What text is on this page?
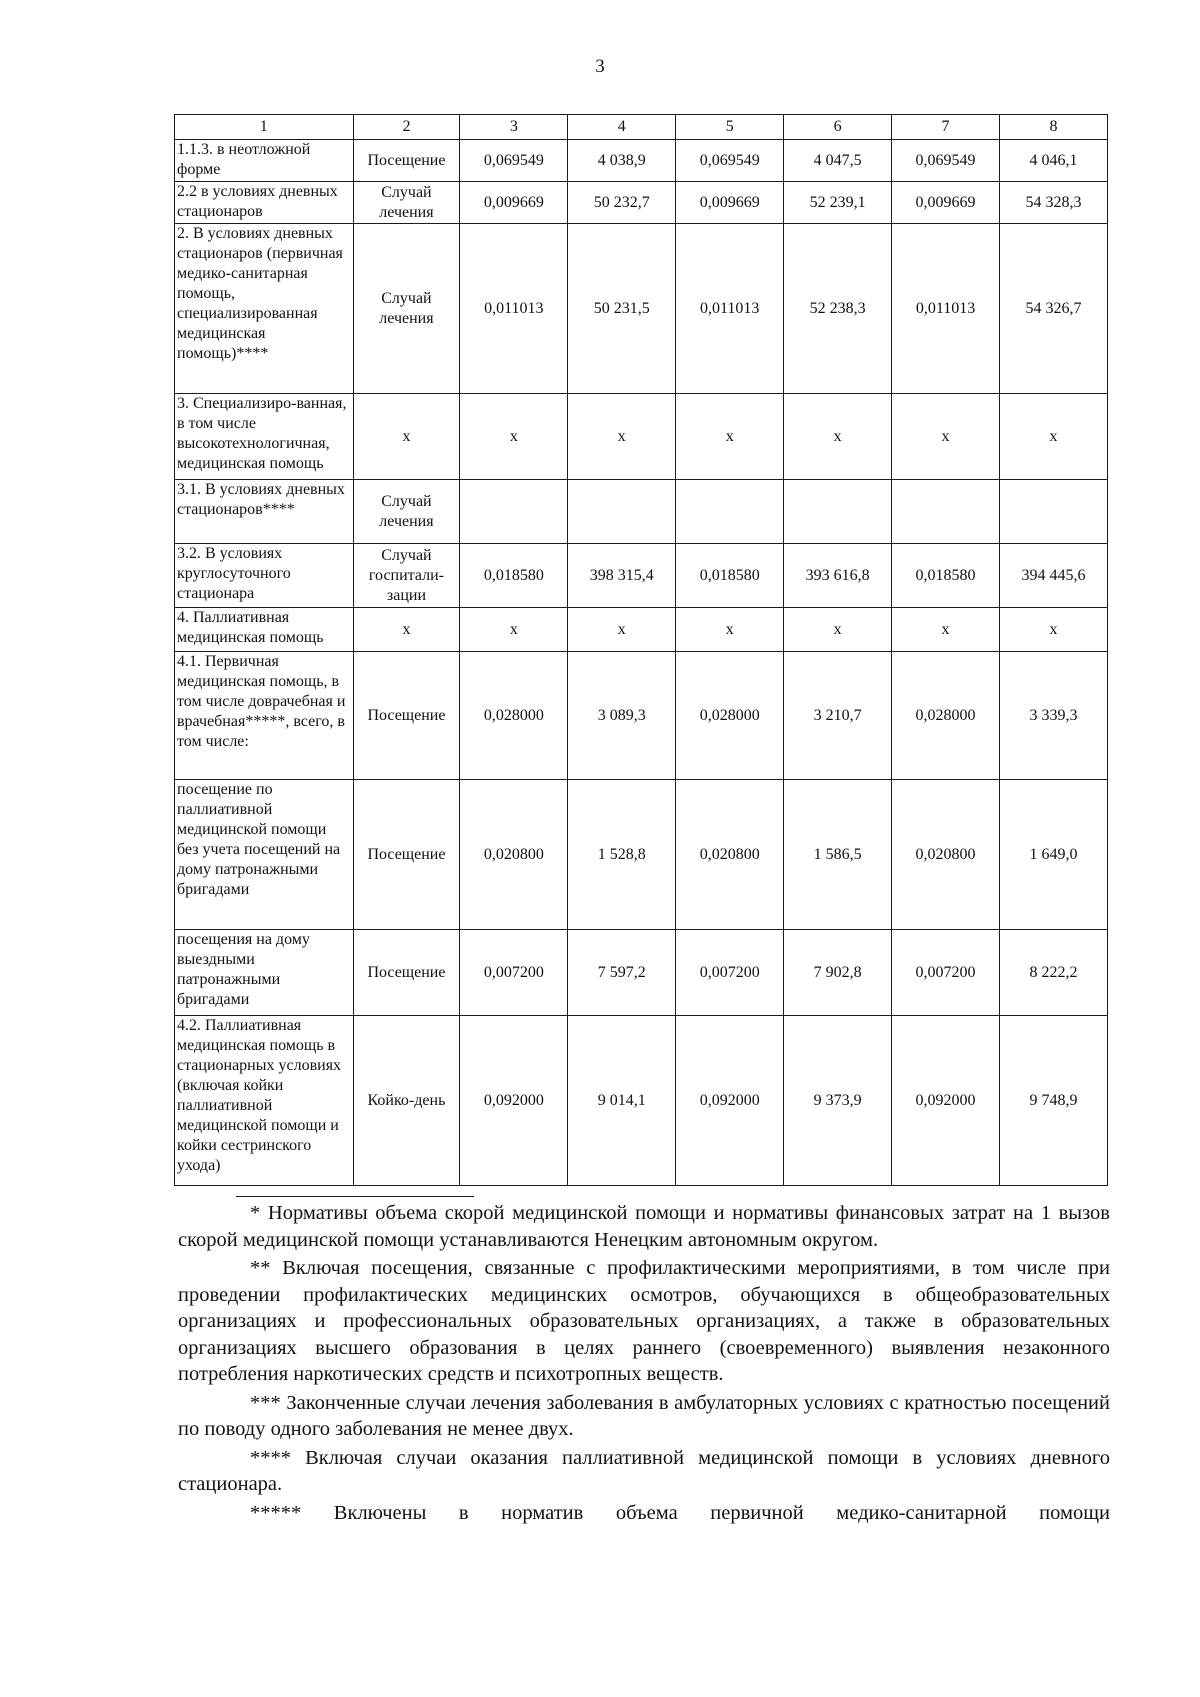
3
1	2	3	4	5	6	7	8
1.1.3. в неотложной форме	Посещение	0,069549	4 038,9	0,069549	4 047,5	0,069549	4 046,1
2.2 в условиях дневных стационаров	Случай лечения	0,009669	50 232,7	0,009669	52 239,1	0,009669	54 328,3
2. В условиях дневных стационаров (первичная медико-санитарная помощь, специализированная медицинская помощь)****	Случай лечения	0,011013	50 231,5	0,011013	52 238,3	0,011013	54 326,7
3. Специализиро-ванная, в том числе высокотехнологичная, медицинская помощь	х	х	х	х	х	х	х
3.1. В условиях дневных стационаров****	Случай лечения						
3.2. В условиях круглосуточного стационара	Случай госпитали-зации	0,018580	398 315,4	0,018580	393 616,8	0,018580	394 445,6
4. Паллиативная медицинская помощь	х	х	х	х	х	х	х
4.1. Первичная медицинская помощь, в том числе доврачебная и врачебная*****, всего, в том числе:	Посещение	0,028000	3 089,3	0,028000	3 210,7	0,028000	3 339,3
посещение по паллиативной медицинской помощи без учета посещений на дому патронажными бригадами	Посещение	0,020800	1 528,8	0,020800	1 586,5	0,020800	1 649,0
посещения на дому выездными патронажными бригадами	Посещение	0,007200	7 597,2	0,007200	7 902,8	0,007200	8 222,2
4.2. Паллиативная медицинская помощь в стационарных условиях (включая койки паллиативной медицинской помощи и койки сестринского ухода)	Койко-день	0,092000	9 014,1	0,092000	9 373,9	0,092000	9 748,9

* Нормативы объема скорой медицинской помощи и нормативы финансовых затрат на 1 вызов скорой медицинской помощи устанавливаются Ненецким автономным округом.

** Включая посещения, связанные с профилактическими мероприятиями, в том числе при проведении профилактических медицинских осмотров, обучающихся в общеобразовательных организациях и профессиональных образовательных организациях, а также в образовательных организациях высшего образования в целях раннего (своевременного) выявления незаконного потребления наркотических средств и психотропных веществ.

*** Законченные случаи лечения заболевания в амбулаторных условиях с кратностью посещений по поводу одного заболевания не менее двух.

**** Включая случаи оказания паллиативной медицинской помощи в условиях дневного стационара.

***** Включены в норматив объема первичной медико-санитарной помощи
